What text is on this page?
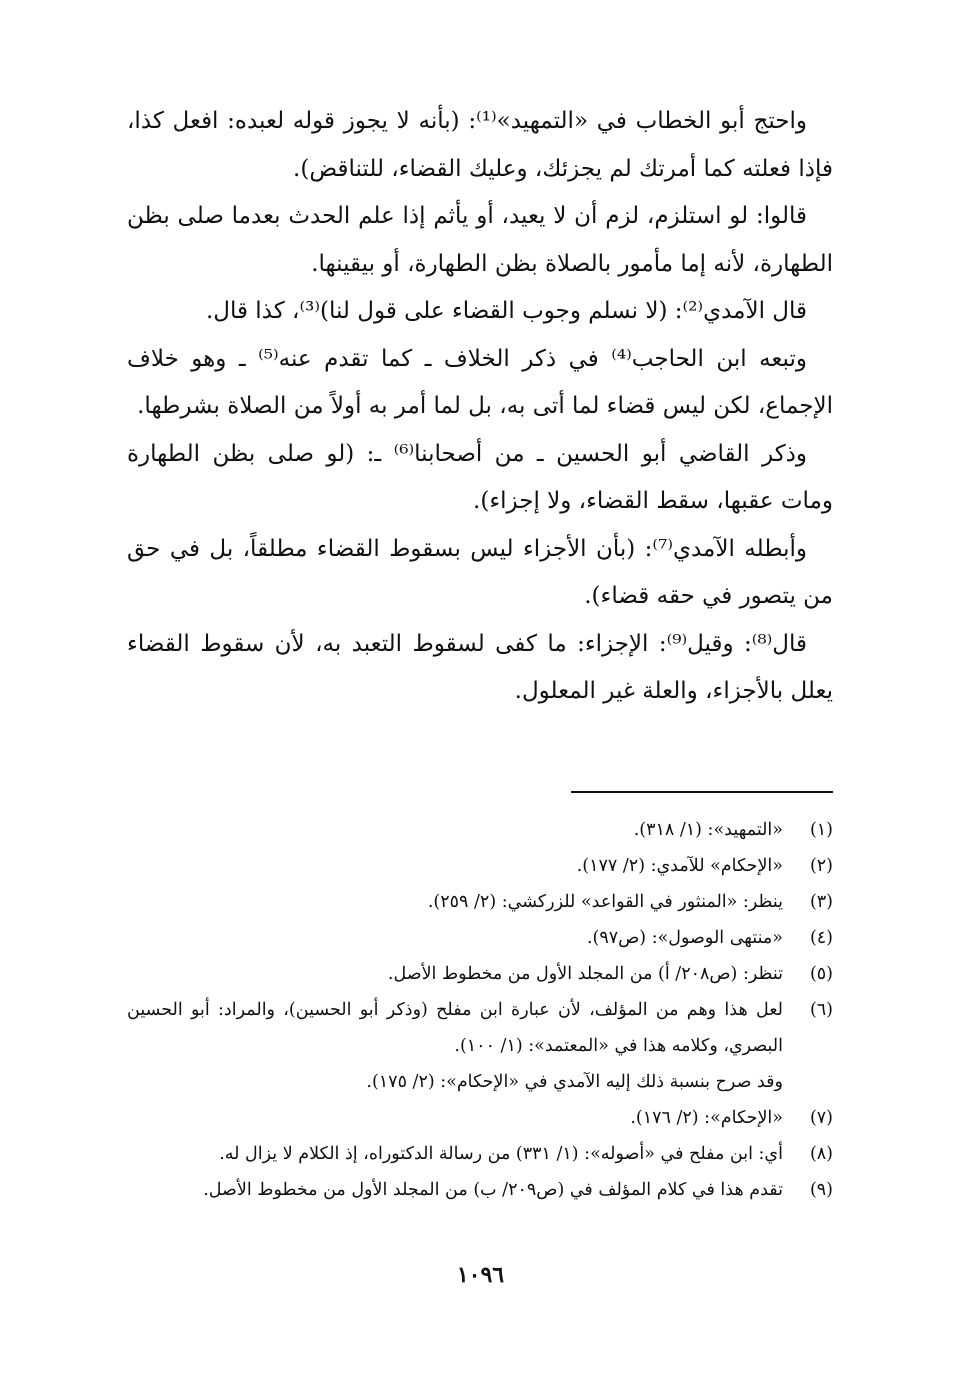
واحتج أبو الخطاب في «التمهيد»⁽¹⁾: (بأنه لا يجوز قوله لعبده: افعل كذا، فإذا فعلته كما أمرتك لم يجزئك، وعليك القضاء، للتناقض).

قالوا: لو استلزم، لزم أن لا يعيد، أو يأثم إذا علم الحدث بعدما صلى بظن الطهارة، لأنه إما مأمور بالصلاة بظن الطهارة، أو بيقينها.

قال الآمدي⁽²⁾: (لا نسلم وجوب القضاء على قول لنا)⁽³⁾، كذا قال.

وتبعه ابن الحاجب⁽⁴⁾ في ذكر الخلاف ـ كما تقدم عنه⁽⁵⁾ ـ وهو خلاف الإجماع، لكن ليس قضاء لما أتى به، بل لما أمر به أولاً من الصلاة بشرطها.

وذكر القاضي أبو الحسين ـ من أصحابنا⁽⁶⁾ ـ: (لو صلى بظن الطهارة ومات عقبها، سقط القضاء، ولا إجزاء).

وأبطله الآمدي⁽⁷⁾: (بأن الأجزاء ليس بسقوط القضاء مطلقاً، بل في حق من يتصور في حقه قضاء).

قال⁽⁸⁾: وقيل⁽⁹⁾: الإجزاء: ما كفى لسقوط التعبد به، لأن سقوط القضاء يعلل بالأجزاء، والعلة غير المعلول.

(١)
«التمهيد»: (١/ ٣١٨).
(٢)
«الإحكام» للآمدي: (٢/ ١٧٧).
(٣)
ينظر: «المنثور في القواعد» للزركشي: (٢/ ٢٥٩).
(٤)
«منتهى الوصول»: (ص٩٧).
(٥)
تنظر: (ص٢٠٨/ أ) من المجلد الأول من مخطوط الأصل.
(٦)
لعل هذا وهم من المؤلف، لأن عبارة ابن مفلح (وذكر أبو الحسين)، والمراد: أبو الحسين البصري، وكلامه هذا في «المعتمد»: (١/ ١٠٠).
وقد صرح بنسبة ذلك إليه الآمدي في «الإحكام»: (٢/ ١٧٥).
(٧)
«الإحكام»: (٢/ ١٧٦).
(٨)
أي: ابن مفلح في «أصوله»: (١/ ٣٣١) من رسالة الدكتوراه، إذ الكلام لا يزال له.
(٩)
تقدم هذا في كلام المؤلف في (ص٢٠٩/ ب) من المجلد الأول من مخطوط الأصل.
١٠٩٦
